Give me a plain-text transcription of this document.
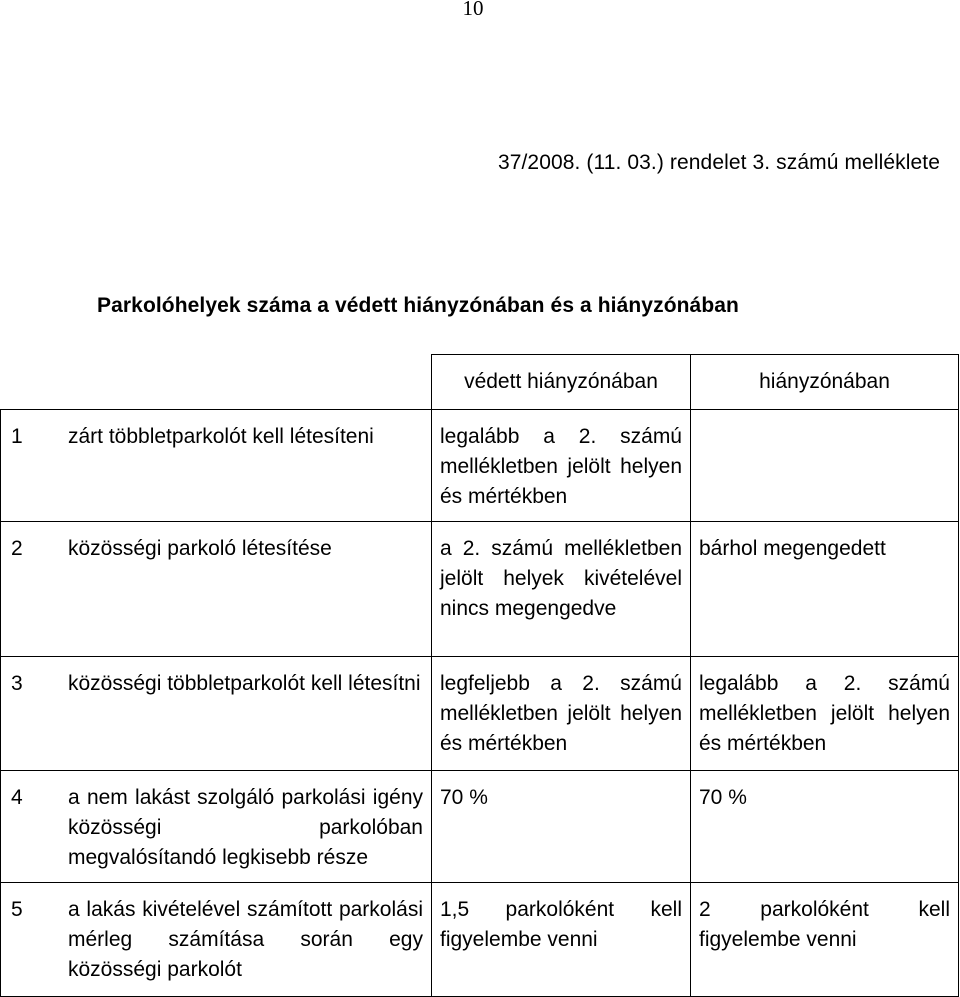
10
37/2008. (11. 03.) rendelet 3. számú melléklete
Parkolóhelyek száma a védett hiányzónában és a hiányzónában
	védett hiányzónában	hiányzónában

1 zárt többletparkolót kell létesíteni	legalább a 2. számú mellékletben jelölt helyen és mértékben	

2 közösségi parkoló létesítése	a 2. számú mellékletben jelölt helyek kivételével nincs megengedve	bárhol megengedett

3 közösségi többletparkolót kell létesítni	legfeljebb a 2. számú mellékletben jelölt helyen és mértékben	legalább a 2. számú mellékletben jelölt helyen és mértékben

4 a nem lakást szolgáló parkolási igény közösségi parkolóban megvalósítandó legkisebb része	70 %	70 %

5 a lakás kivételével számított parkolási mérleg számítása során egy közösségi parkolót	1,5 parkolóként kell figyelembe venni	2 parkolóként kell figyelembe venni
